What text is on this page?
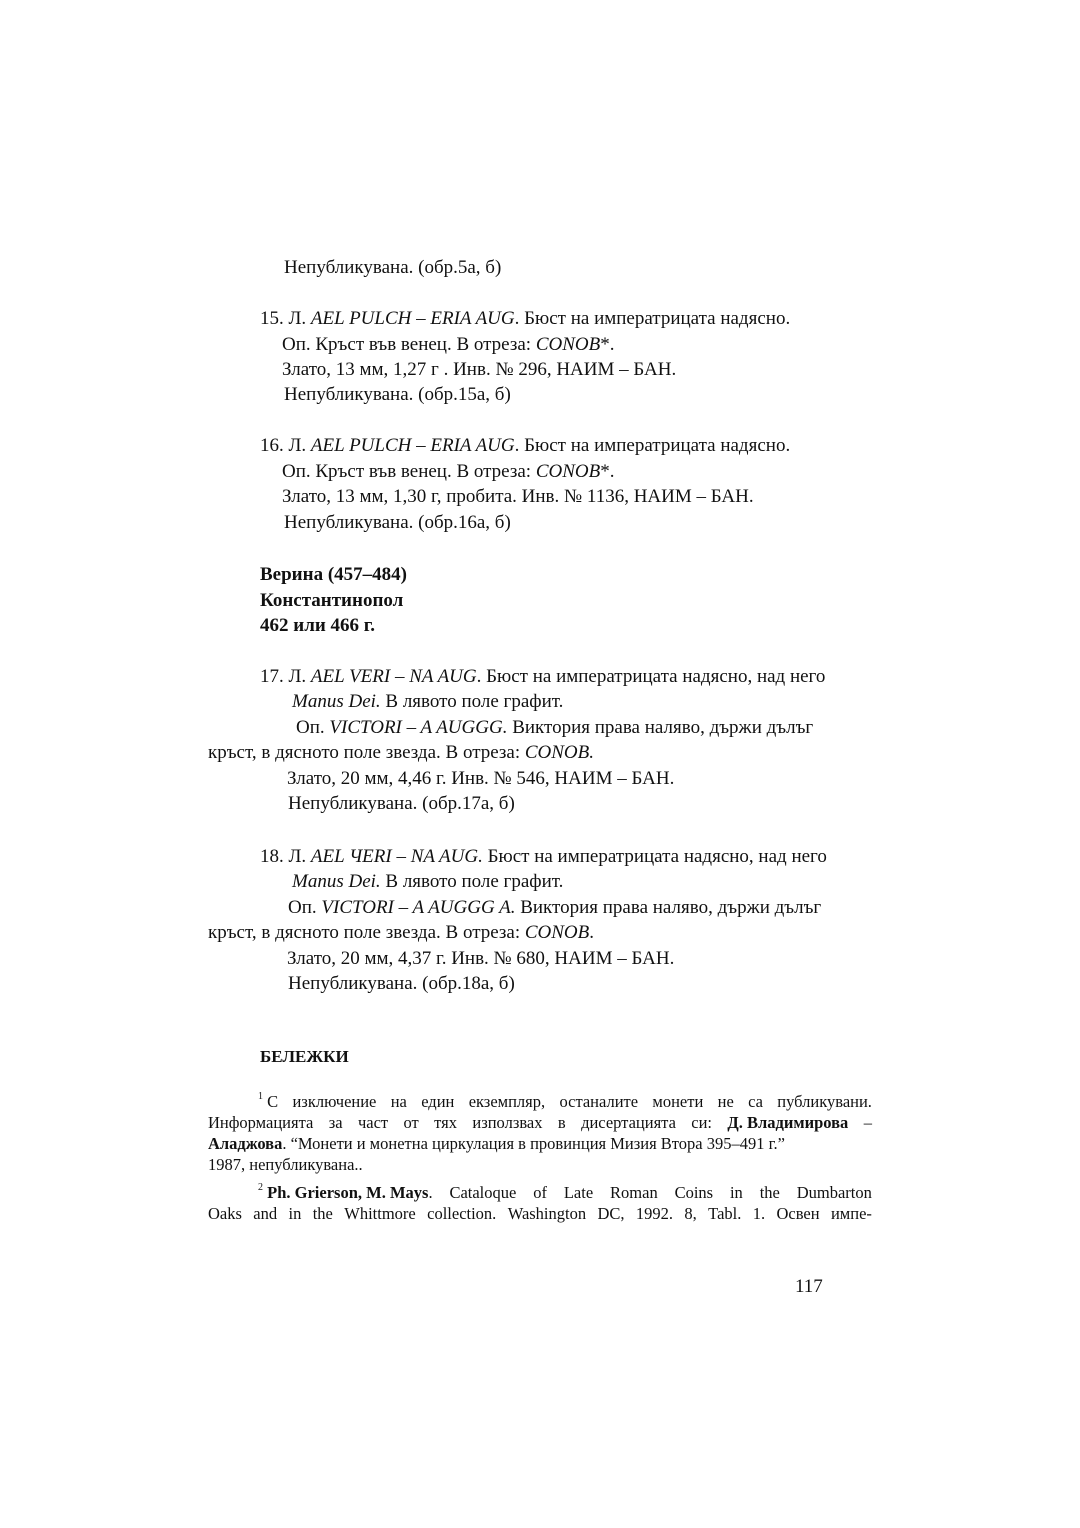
Непубликувана. (обр.5а, б)
15. Л. AEL PULCH – ERIA AUG. Бюст на императрицата надясно.
Оп. Кръст във венец. В отреза: CONOB*.
Злато, 13 мм, 1,27 г . Инв. № 296, НАИМ – БАН.
Непубликувана. (обр.15а, б)
16. Л. AEL PULCH – ERIA AUG. Бюст на императрицата надясно.
Оп. Кръст във венец. В отреза: CONOB*.
Злато, 13 мм, 1,30 г, пробита. Инв. № 1136, НАИМ – БАН.
Непубликувана. (обр.16а, б)
Верина (457–484)
Константинопол
462 или 466 г.
17. Л. AEL VERI – NA AUG. Бюст на императрицата надясно, над него
Manus Dei. В лявото поле графит.
Оп. VICTORI – A AUGGG. Виктория права наляво, държи дълъг
кръст, в дясното поле звезда. В отреза: CONOB.
Злато, 20 мм, 4,46 г. Инв. № 546, НАИМ – БАН.
Непубликувана. (обр.17а, б)
18. Л. AEL ЧERI – NA AUG. Бюст на императрицата надясно, над него
Manus Dei. В лявото поле графит.
Оп. VICTORI – A AUGGG A. Виктория права наляво, държи дълъг
кръст, в дясното поле звезда. В отреза: CONOB.
Злато, 20 мм, 4,37 г. Инв. № 680, НАИМ – БАН.
Непубликувана. (обр.18а, б)
БЕЛЕЖКИ
$^1$ С изключение на един екземпляр, останалите монети не са публикувани.
Информацията за част от тях използвах в дисертацията си: Д. Владимирова –
Аладжова. “Монети и монетна циркулация в провинция Мизия Втора 395–491 г.”
1987, непубликувана..
$^2$ Ph. Grierson, M. Mays. Cataloque of Late Roman Coins in the Dumbarton
Oaks and in the Whittmore collection. Washington DC, 1992. 8, Tabl. 1. Освен импе-
117
